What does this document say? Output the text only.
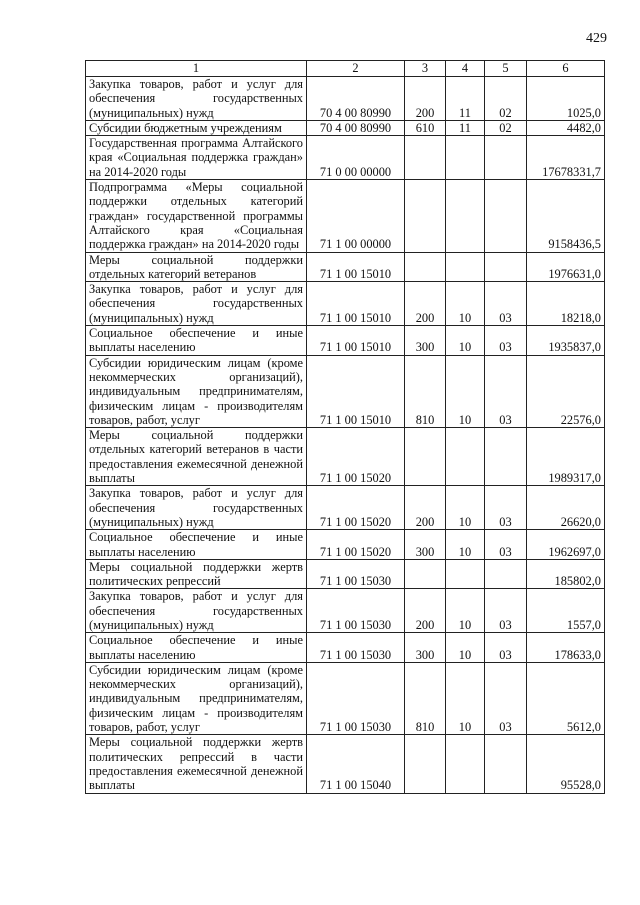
429
1	2	3	4	5	6
Закупка товаров, работ и услуг для обеспечения государственных (муниципальных) нужд	70 4 00 80990	200	11	02	1025,0
Субсидии бюджетным учреждениям	70 4 00 80990	610	11	02	4482,0
Государственная программа Алтайского края «Социальная поддержка граждан» на 2014-2020 годы	71 0 00 00000				17678331,7
Подпрограмма «Меры социальной поддержки отдельных категорий граждан» государственной программы Алтайского края «Социальная поддержка граждан» на 2014-2020 годы	71 1 00 00000				9158436,5
Меры социальной поддержки отдельных категорий ветеранов	71 1 00 15010				1976631,0
Закупка товаров, работ и услуг для обеспечения государственных (муниципальных) нужд	71 1 00 15010	200	10	03	18218,0
Социальное обеспечение и иные выплаты населению	71 1 00 15010	300	10	03	1935837,0
Субсидии юридическим лицам (кроме некоммерческих организаций), индивидуальным предпринимателям, физическим лицам - производителям товаров, работ, услуг	71 1 00 15010	810	10	03	22576,0
Меры социальной поддержки отдельных категорий ветеранов в части предоставления ежемесячной денежной выплаты	71 1 00 15020				1989317,0
Закупка товаров, работ и услуг для обеспечения государственных (муниципальных) нужд	71 1 00 15020	200	10	03	26620,0
Социальное обеспечение и иные выплаты населению	71 1 00 15020	300	10	03	1962697,0
Меры социальной поддержки жертв политических репрессий	71 1 00 15030				185802,0
Закупка товаров, работ и услуг для обеспечения государственных (муниципальных) нужд	71 1 00 15030	200	10	03	1557,0
Социальное обеспечение и иные выплаты населению	71 1 00 15030	300	10	03	178633,0
Субсидии юридическим лицам (кроме некоммерческих организаций), индивидуальным предпринимателям, физическим лицам - производителям товаров, работ, услуг	71 1 00 15030	810	10	03	5612,0
Меры социальной поддержки жертв политических репрессий в части предоставления ежемесячной денежной выплаты	71 1 00 15040				95528,0
